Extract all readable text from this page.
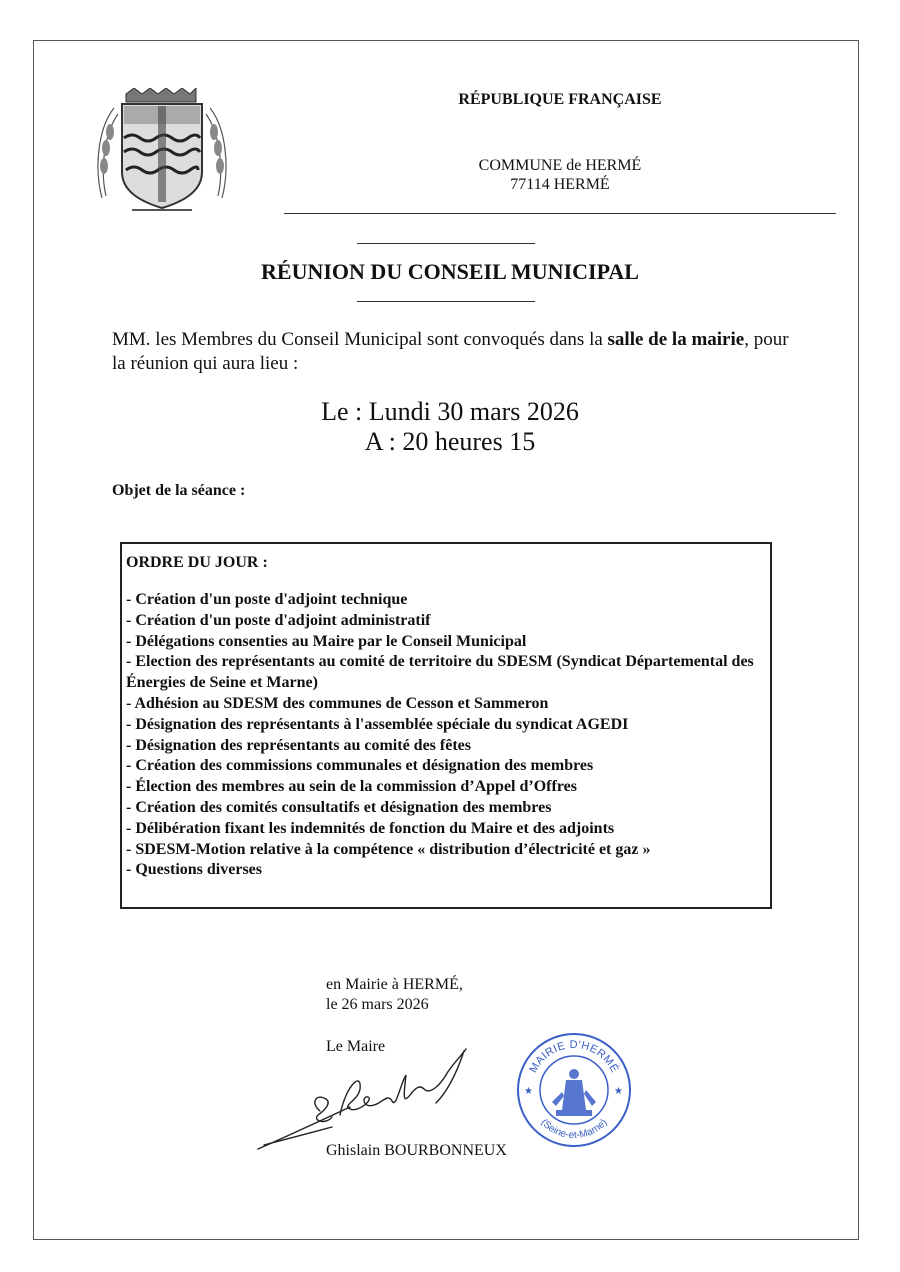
RÉPUBLIQUE FRANÇAISE
COMMUNE de HERMÉ
77114 HERMÉ
RÉUNION DU CONSEIL MUNICIPAL
MM. les Membres du Conseil Municipal sont convoqués dans la salle de la mairie, pour la réunion qui aura lieu :
Le : Lundi 30 mars 2026
A : 20 heures 15
Objet de la séance :
ORDRE DU JOUR :
- Création d'un poste d'adjoint technique
- Création d'un poste d'adjoint administratif
- Délégations consenties au Maire par le Conseil Municipal
- Election des représentants au comité de territoire du SDESM (Syndicat Départemental des Énergies de Seine et Marne)
- Adhésion au SDESM des communes de Cesson et Sammeron
- Désignation des représentants à l'assemblée spéciale du syndicat AGEDI
- Désignation des représentants au comité des fêtes
- Création des commissions communales et désignation des membres
- Élection des membres au sein de la commission d’Appel d’Offres
- Création des comités consultatifs et désignation des membres
- Délibération fixant les indemnités de fonction du Maire et des adjoints
- SDESM-Motion relative à la compétence « distribution d’électricité et gaz »
- Questions diverses
en Mairie à HERMÉ,
le 26 mars 2026
Le Maire
MAIRIE D'HERMÉ
(Seine-et-Marne)
★	★
Ghislain BOURBONNEUX
